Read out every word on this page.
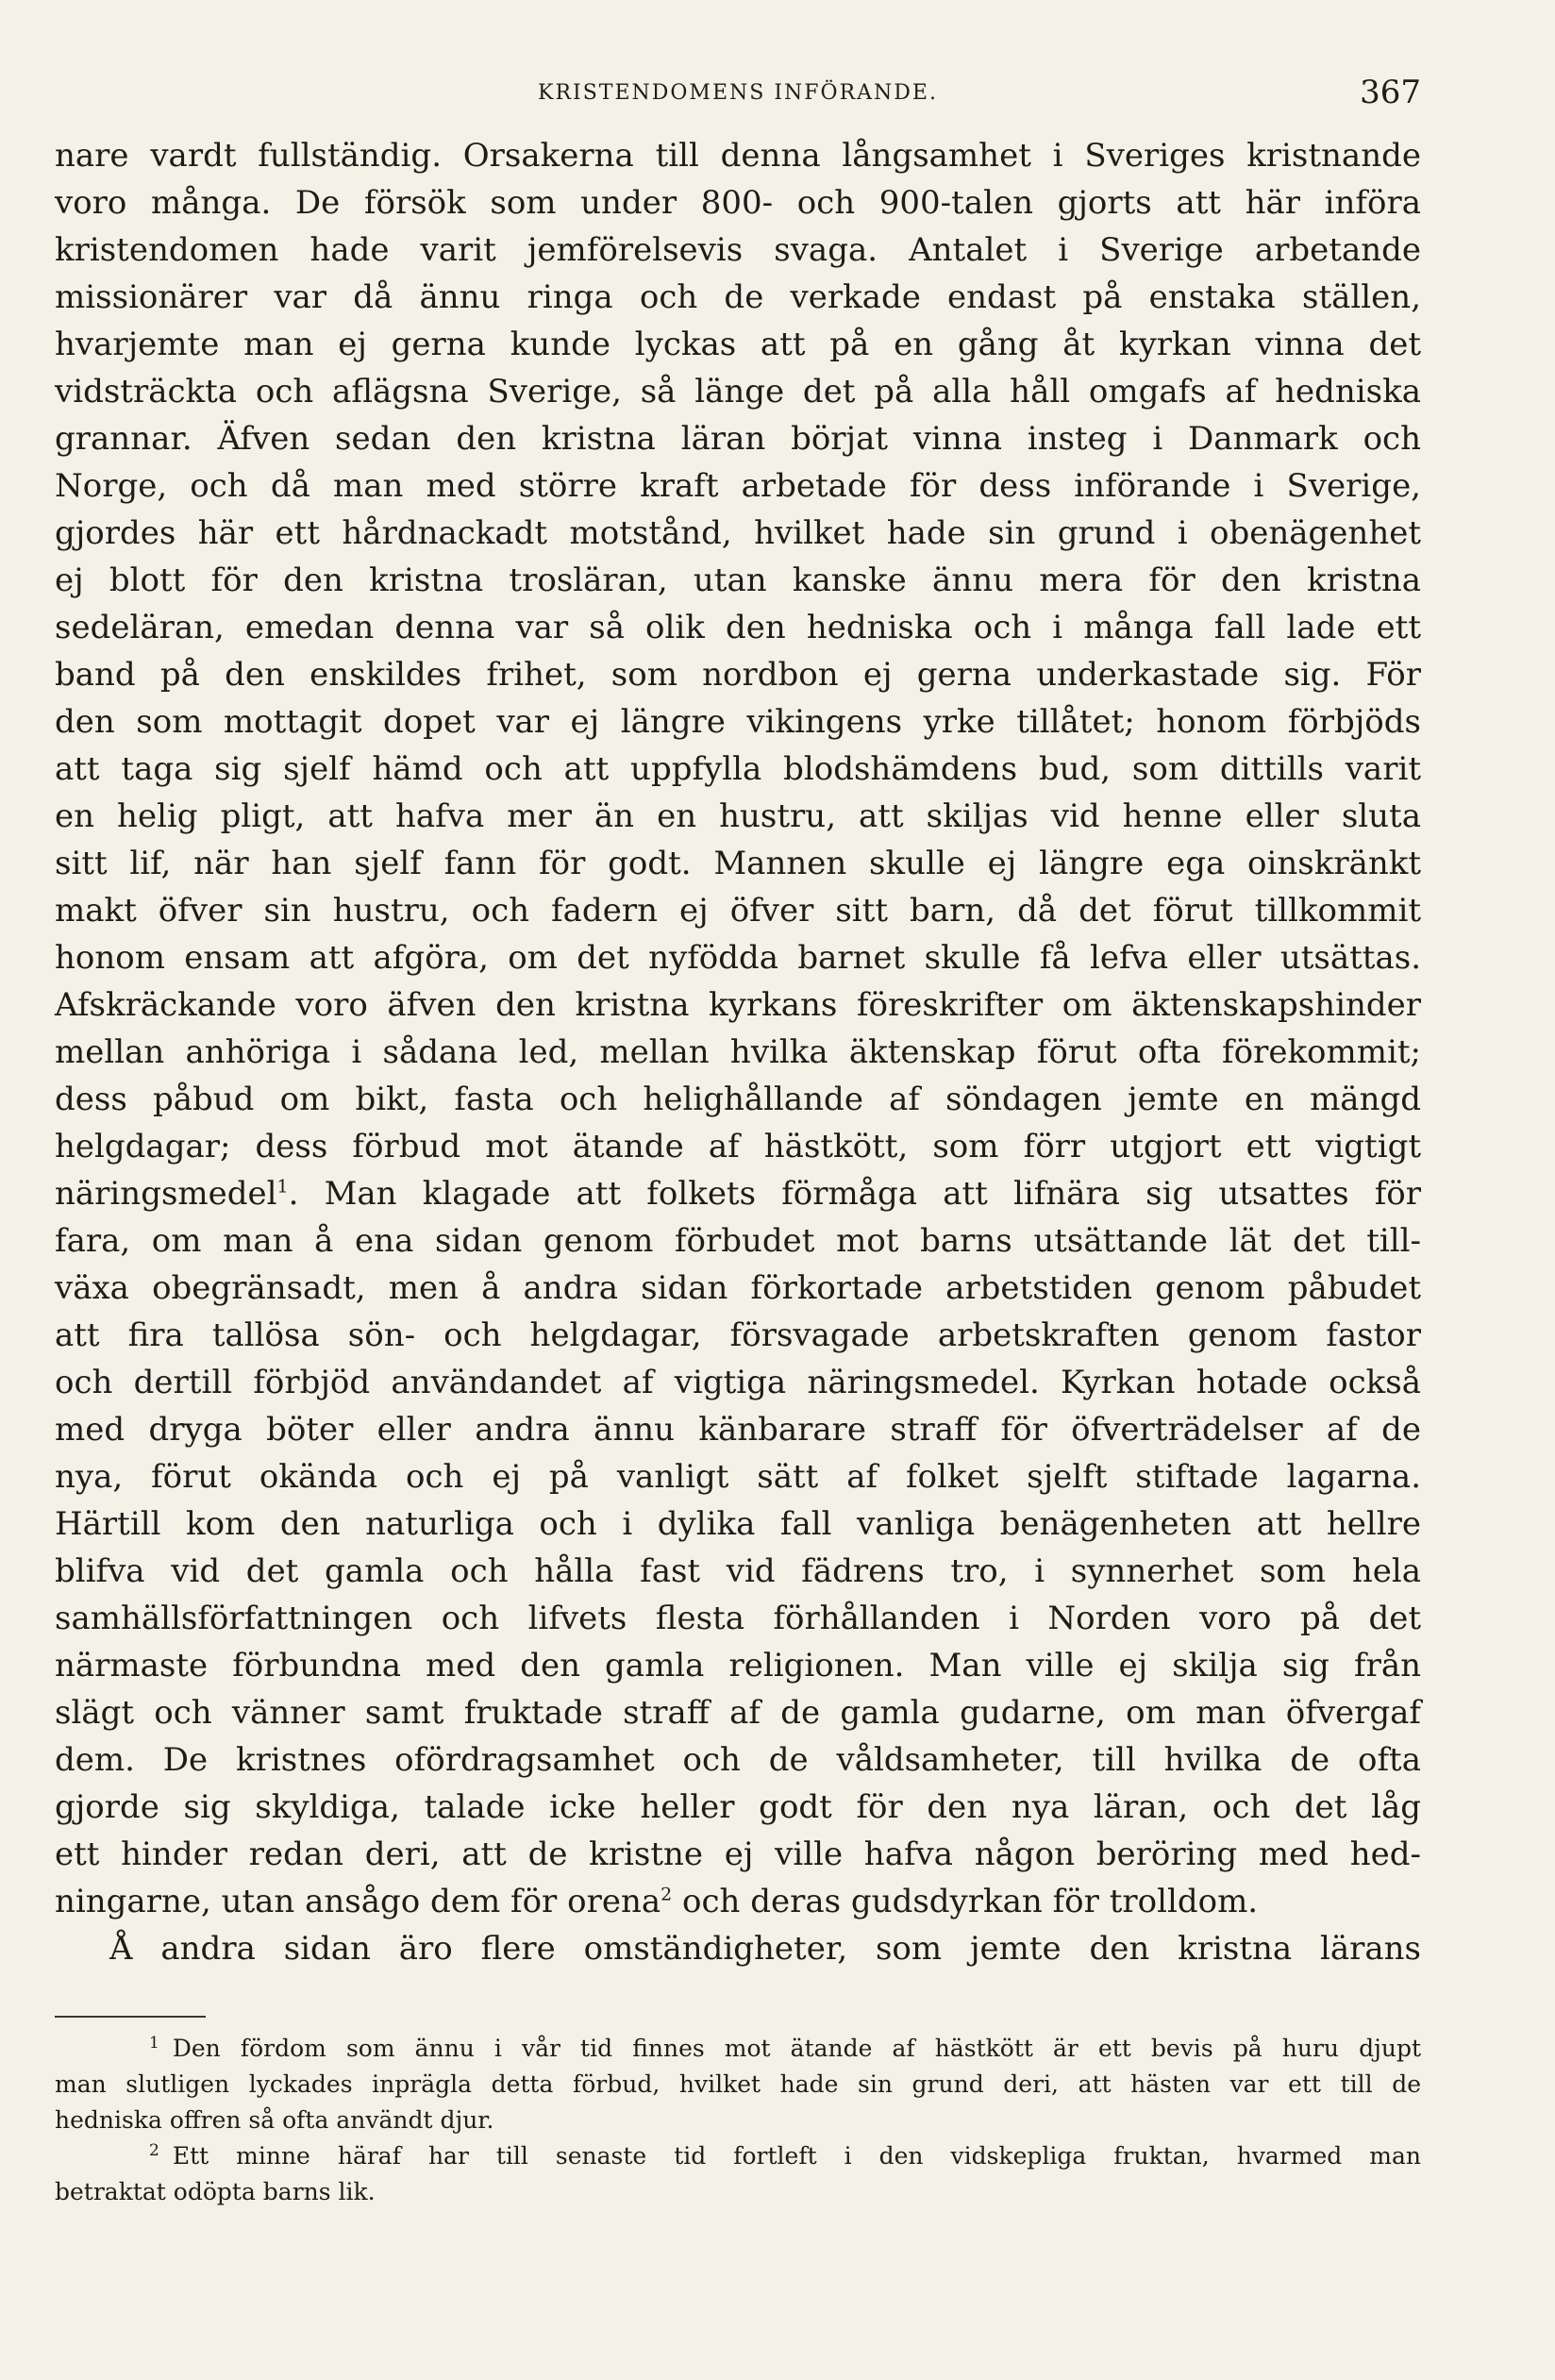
KRISTENDOMENS INFÖRANDE.	367
nare vardt fullständig. Orsakerna till denna långsamhet i Sveriges kristnande
voro många. De försök som under 800- och 900-talen gjorts att här införa
kristendomen hade varit jemförelsevis svaga. Antalet i Sverige arbetande
missionärer var då ännu ringa och de verkade endast på enstaka ställen,
hvarjemte man ej gerna kunde lyckas att på en gång åt kyrkan vinna det
vidsträckta och aflägsna Sverige, så länge det på alla håll omgafs af hedniska
grannar. Äfven sedan den kristna läran börjat vinna insteg i Danmark och
Norge, och då man med större kraft arbetade för dess införande i Sverige,
gjordes här ett hårdnackadt motstånd, hvilket hade sin grund i obenägenhet
ej blott för den kristna trosläran, utan kanske ännu mera för den kristna
sedeläran, emedan denna var så olik den hedniska och i många fall lade ett
band på den enskildes frihet, som nordbon ej gerna underkastade sig. För
den som mottagit dopet var ej längre vikingens yrke tillåtet; honom förbjöds
att taga sig sjelf hämd och att uppfylla blodshämdens bud, som dittills varit
en helig pligt, att hafva mer än en hustru, att skiljas vid henne eller sluta
sitt lif, när han sjelf fann för godt. Mannen skulle ej längre ega oinskränkt
makt öfver sin hustru, och fadern ej öfver sitt barn, då det förut tillkommit
honom ensam att afgöra, om det nyfödda barnet skulle få lefva eller utsättas.
Afskräckande voro äfven den kristna kyrkans föreskrifter om äktenskapshinder
mellan anhöriga i sådana led, mellan hvilka äktenskap förut ofta förekommit;
dess påbud om bikt, fasta och helighållande af söndagen jemte en mängd
helgdagar; dess förbud mot ätande af hästkött, som förr utgjort ett vigtigt
näringsmedel$^1$. Man klagade att folkets förmåga att lifnära sig utsattes för
fara, om man å ena sidan genom förbudet mot barns utsättande lät det till-
växa obegränsadt, men å andra sidan förkortade arbetstiden genom påbudet
att fira tallösa sön- och helgdagar, försvagade arbetskraften genom fastor
och dertill förbjöd användandet af vigtiga näringsmedel. Kyrkan hotade också
med dryga böter eller andra ännu känbarare straff för öfverträdelser af de
nya, förut okända och ej på vanligt sätt af folket sjelft stiftade lagarna.
Härtill kom den naturliga och i dylika fall vanliga benägenheten att hellre
blifva vid det gamla och hålla fast vid fädrens tro, i synnerhet som hela
samhällsförfattningen och lifvets flesta förhållanden i Norden voro på det
närmaste förbundna med den gamla religionen. Man ville ej skilja sig från
slägt och vänner samt fruktade straff af de gamla gudarne, om man öfvergaf
dem. De kristnes ofördragsamhet och de våldsamheter, till hvilka de ofta
gjorde sig skyldiga, talade icke heller godt för den nya läran, och det låg
ett hinder redan deri, att de kristne ej ville hafva någon beröring med hed-
ningarne, utan ansågo dem för orena$^2$ och deras gudsdyrkan för trolldom.
Å andra sidan äro flere omständigheter, som jemte den kristna lärans
$^1$ Den fördom som ännu i vår tid finnes mot ätande af hästkött är ett bevis på huru djupt
man slutligen lyckades inprägla detta förbud, hvilket hade sin grund deri, att hästen var ett till de
hedniska offren så ofta användt djur.
$^2$ Ett minne häraf har till senaste tid fortleft i den vidskepliga fruktan, hvarmed man
betraktat odöpta barns lik.
